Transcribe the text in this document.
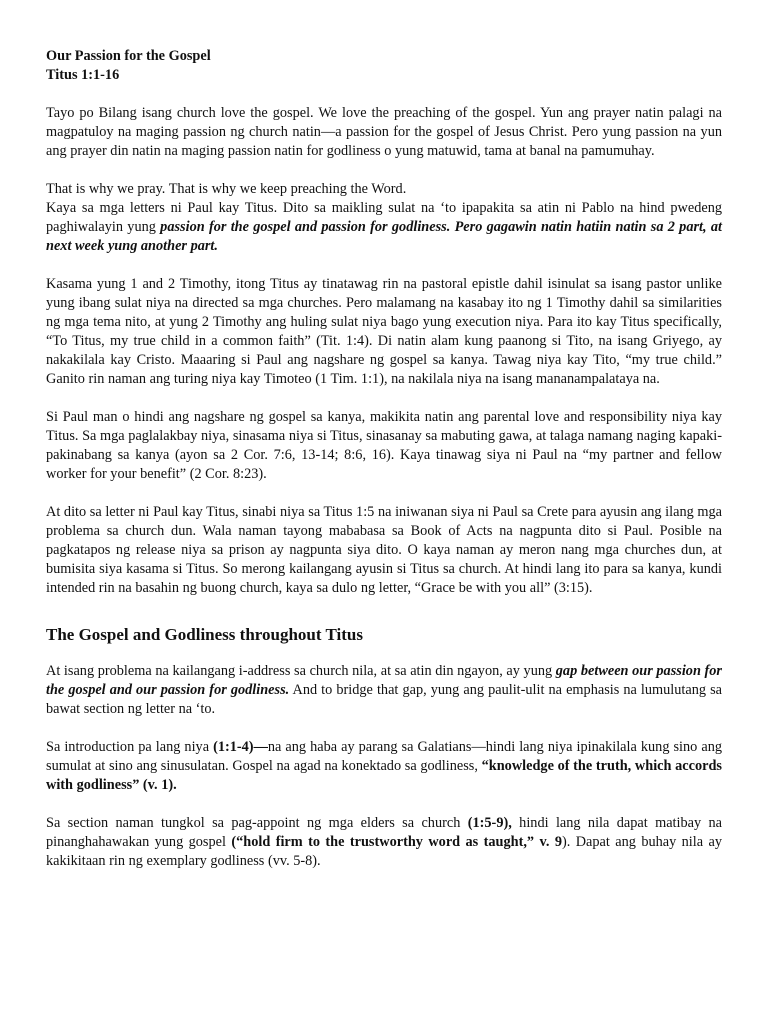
Our Passion for the Gospel
Titus 1:1-16

Tayo po Bilang isang church love the gospel. We love the preaching of the gospel. Yun ang prayer natin palagi na magpatuloy na maging passion ng church natin—a passion for the gospel of Jesus Christ. Pero yung passion na yun ang prayer din natin na maging passion natin for godliness o yung matuwid, tama at banal na pamumuhay.

That is why we pray. That is why we keep preaching the Word.

Kaya sa mga letters ni Paul kay Titus. Dito sa maikling sulat na ‘to ipapakita sa atin ni Pablo na hind pwedeng paghiwalayin yung passion for the gospel and passion for godliness. Pero gagawin natin hatiin natin sa 2 part, at next week yung another part.

Kasama yung 1 and 2 Timothy, itong Titus ay tinatawag rin na pastoral epistle dahil isinulat sa isang pastor unlike yung ibang sulat niya na directed sa mga churches. Pero malamang na kasabay ito ng 1 Timothy dahil sa similarities ng mga tema nito, at yung 2 Timothy ang huling sulat niya bago yung execution niya. Para ito kay Titus specifically, “To Titus, my true child in a common faith” (Tit. 1:4). Di natin alam kung paanong si Tito, na isang Griyego, ay nakakilala kay Cristo. Maaaring si Paul ang nagshare ng gospel sa kanya. Tawag niya kay Tito, “my true child.” Ganito rin naman ang turing niya kay Timoteo (1 Tim. 1:1), na nakilala niya na isang mananampalataya na.

Si Paul man o hindi ang nagshare ng gospel sa kanya, makikita natin ang parental love and responsibility niya kay Titus. Sa mga paglalakbay niya, sinasama niya si Titus, sinasanay sa mabuting gawa, at talaga namang naging kapaki-pakinabang sa kanya (ayon sa 2 Cor. 7:6, 13-14; 8:6, 16). Kaya tinawag siya ni Paul na “my partner and fellow worker for your benefit” (2 Cor. 8:23).

At dito sa letter ni Paul kay Titus, sinabi niya sa Titus 1:5 na iniwanan siya ni Paul sa Crete para ayusin ang ilang mga problema sa church dun. Wala naman tayong mababasa sa Book of Acts na nagpunta dito si Paul. Posible na pagkatapos ng release niya sa prison ay nagpunta siya dito. O kaya naman ay meron nang mga churches dun, at bumisita siya kasama si Titus. So merong kailangang ayusin si Titus sa church. At hindi lang ito para sa kanya, kundi intended rin na basahin ng buong church, kaya sa dulo ng letter, “Grace be with you all” (3:15).

The Gospel and Godliness throughout Titus

At isang problema na kailangang i-address sa church nila, at sa atin din ngayon, ay yung gap between our passion for the gospel and our passion for godliness. And to bridge that gap, yung ang paulit-ulit na emphasis na lumulutang sa bawat section ng letter na ‘to.

Sa introduction pa lang niya (1:1-4)—na ang haba ay parang sa Galatians—hindi lang niya ipinakilala kung sino ang sumulat at sino ang sinusulatan. Gospel na agad na konektado sa godliness, “knowledge of the truth, which accords with godliness” (v. 1).

Sa section naman tungkol sa pag-appoint ng mga elders sa church (1:5-9), hindi lang nila dapat matibay na pinanghahawakan yung gospel (“hold firm to the trustworthy word as taught,” v. 9). Dapat ang buhay nila ay kakikitaan rin ng exemplary godliness (vv. 5-8).
